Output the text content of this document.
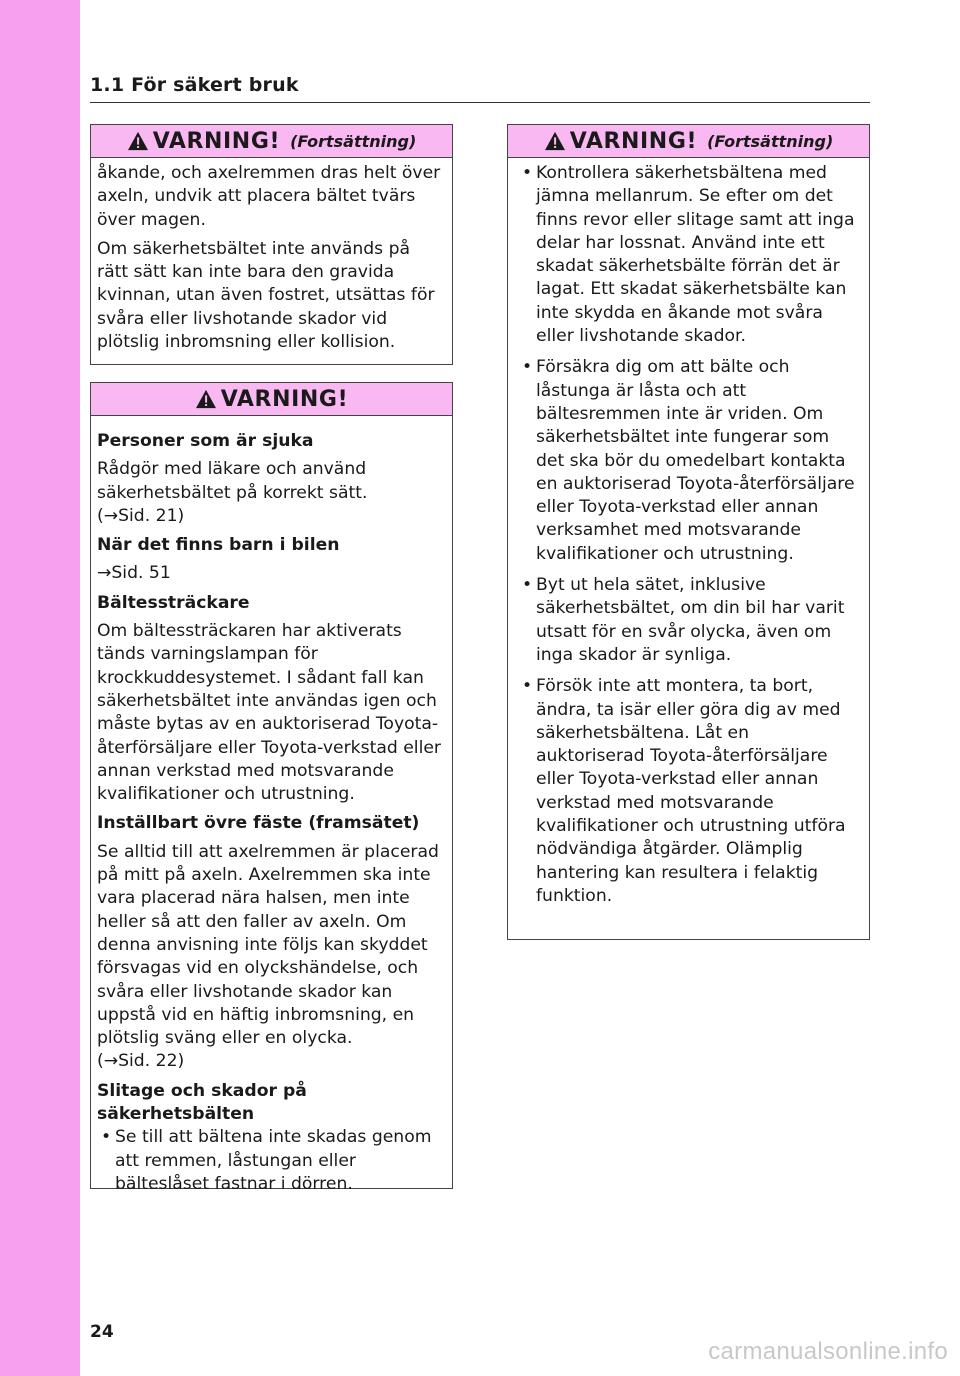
1.1 För säkert bruk
VARNING! (Fortsättning)

åkande, och axelremmen dras helt över axeln, undvik att placera bältet tvärs över magen.

Om säkerhetsbältet inte används på rätt sätt kan inte bara den gravida kvinnan, utan även fostret, utsättas för svåra eller livshotande skador vid plötslig inbromsning eller kollision.

VARNING!

Personer som är sjuka

Rådgör med läkare och använd säkerhetsbältet på korrekt sätt.

(→Sid. 21)

När det finns barn i bilen

→Sid. 51

Bältessträckare

Om bältessträckaren har aktiverats tänds varningslampan för krockkuddesystemet. I sådant fall kan säkerhetsbältet inte användas igen och måste bytas av en auktoriserad Toyota-återförsäljare eller Toyota-verkstad eller annan verkstad med motsvarande kvalifikationer och utrustning.

Inställbart övre fäste (framsätet)

Se alltid till att axelremmen är placerad på mitt på axeln. Axelremmen ska inte vara placerad nära halsen, men inte heller så att den faller av axeln. Om denna anvisning inte följs kan skyddet försvagas vid en olyckshändelse, och svåra eller livshotande skador kan uppstå vid en häftig inbromsning, en plötslig sväng eller en olycka.

(→Sid. 22)

Slitage och skador på säkerhetsbälten

• Se till att bältena inte skadas genom att remmen, låstungan eller bälteslåset fastnar i dörren.
VARNING! (Fortsättning)
• Kontrollera säkerhetsbältena med jämna mellanrum. Se efter om det finns revor eller slitage samt att inga delar har lossnat. Använd inte ett skadat säkerhetsbälte förrän det är lagat. Ett skadat säkerhetsbälte kan inte skydda en åkande mot svåra eller livshotande skador.
• Försäkra dig om att bälte och låstunga är låsta och att bältesremmen inte är vriden. Om säkerhetsbältet inte fungerar som det ska bör du omedelbart kontakta en auktoriserad Toyota-återförsäljare eller Toyota-verkstad eller annan verksamhet med motsvarande kvalifikationer och utrustning.
• Byt ut hela sätet, inklusive säkerhetsbältet, om din bil har varit utsatt för en svår olycka, även om inga skador är synliga.
• Försök inte att montera, ta bort, ändra, ta isär eller göra dig av med säkerhetsbältena. Låt en auktoriserad Toyota-återförsäljare eller Toyota-verkstad eller annan verkstad med motsvarande kvalifikationer och utrustning utföra nödvändiga åtgärder. Olämplig hantering kan resultera i felaktig funktion.
24
carmanualsonline.info
